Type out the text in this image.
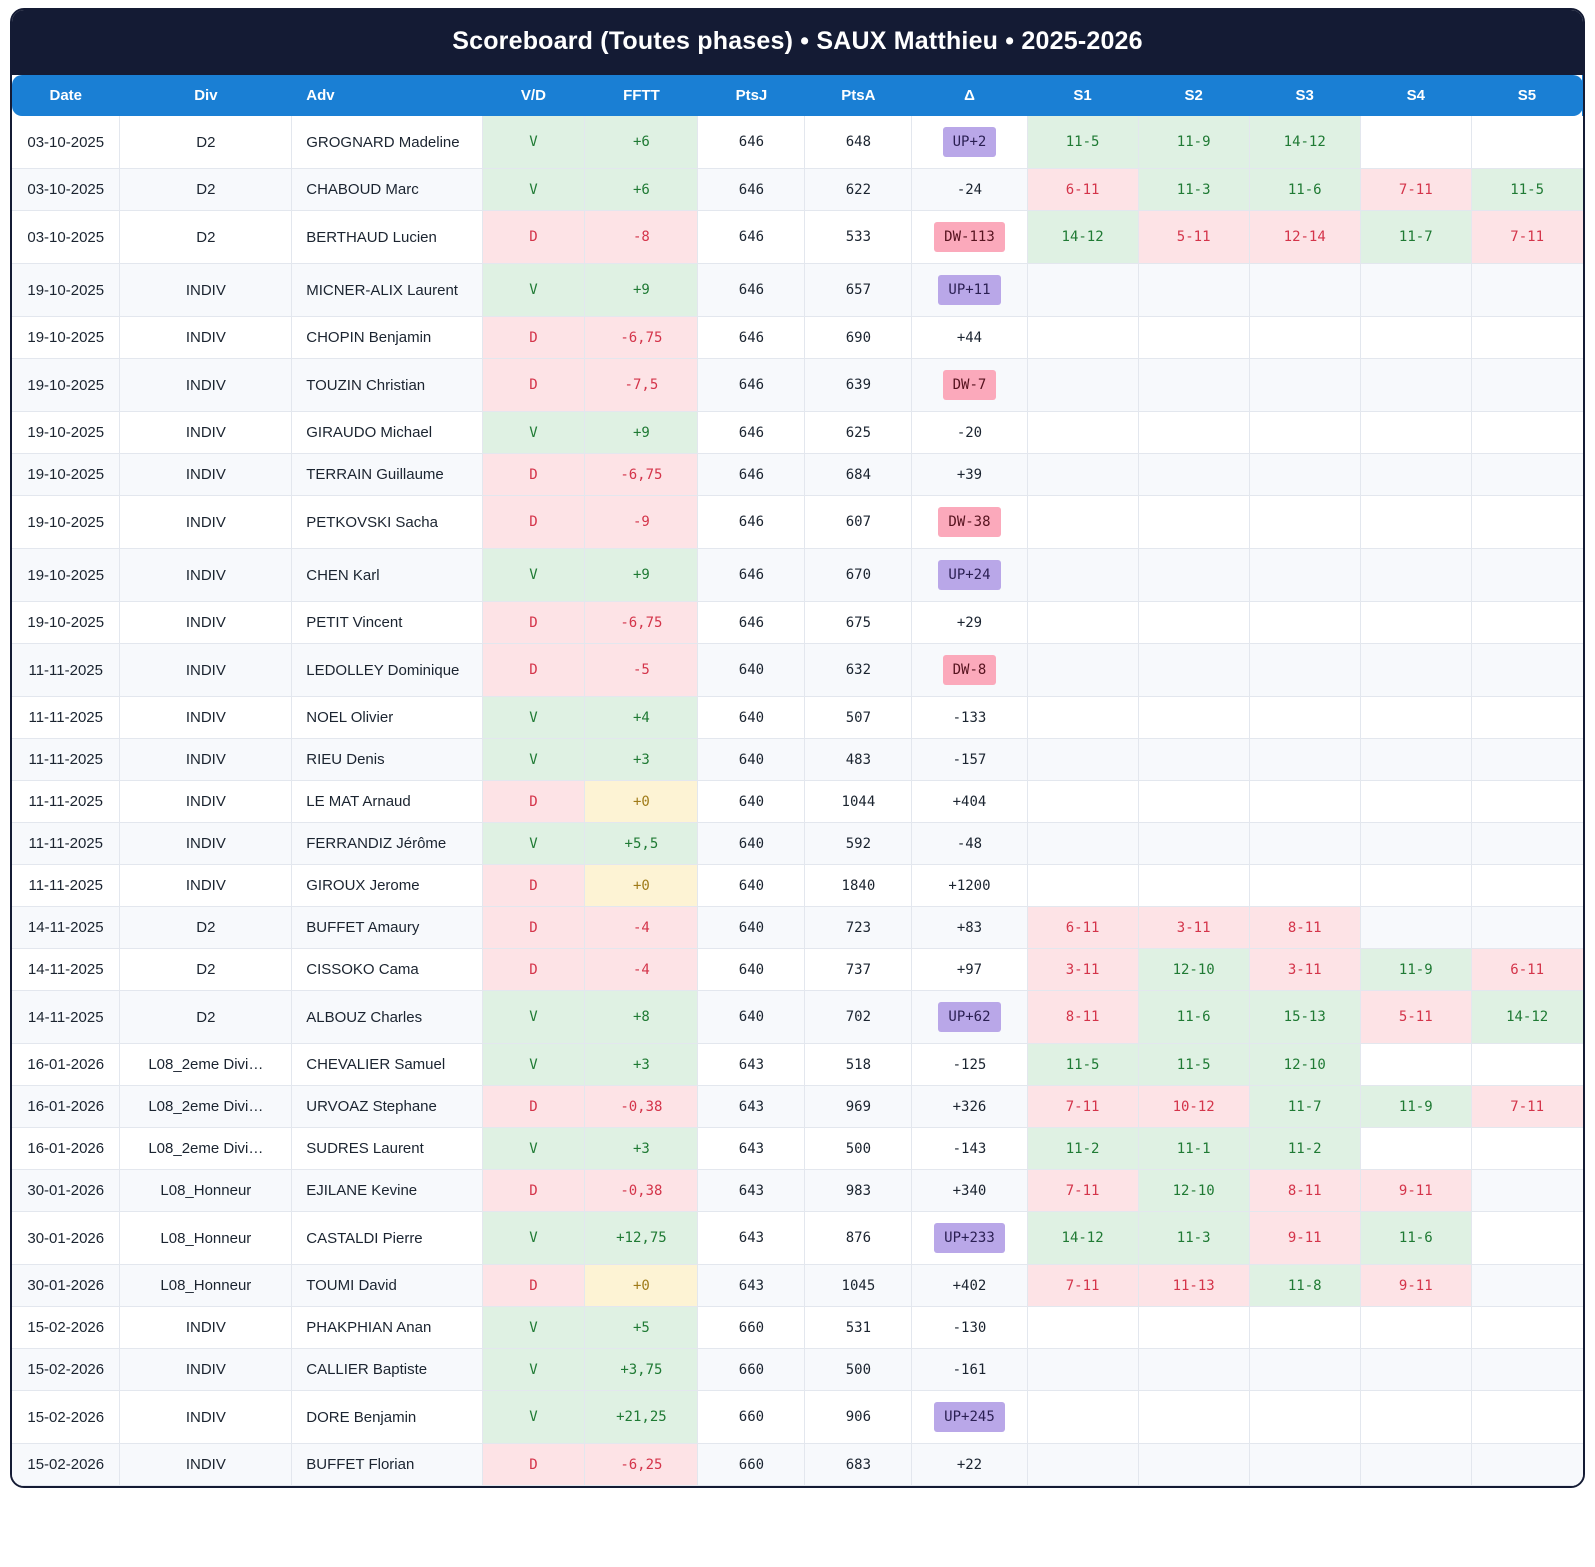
Scoreboard (Toutes phases) • SAUX Matthieu • 2025-2026
Date	Div	Adv	V/D	FFTT	PtsJ	PtsA	Δ	S1	S2	S3	S4	S5
03-10-2025	D2	GROGNARD Madeline	V	+6	646	648	UP+2	11-5	11-9	14-12		
03-10-2025	D2	CHABOUD Marc	V	+6	646	622	-24	6-11	11-3	11-6	7-11	11-5
03-10-2025	D2	BERTHAUD Lucien	D	-8	646	533	DW-113	14-12	5-11	12-14	11-7	7-11
19-10-2025	INDIV	MICNER-ALIX Laurent	V	+9	646	657	UP+11					
19-10-2025	INDIV	CHOPIN Benjamin	D	-6,75	646	690	+44					
19-10-2025	INDIV	TOUZIN Christian	D	-7,5	646	639	DW-7					
19-10-2025	INDIV	GIRAUDO Michael	V	+9	646	625	-20					
19-10-2025	INDIV	TERRAIN Guillaume	D	-6,75	646	684	+39					
19-10-2025	INDIV	PETKOVSKI Sacha	D	-9	646	607	DW-38					
19-10-2025	INDIV	CHEN Karl	V	+9	646	670	UP+24					
19-10-2025	INDIV	PETIT Vincent	D	-6,75	646	675	+29					
11-11-2025	INDIV	LEDOLLEY Dominique	D	-5	640	632	DW-8					
11-11-2025	INDIV	NOEL Olivier	V	+4	640	507	-133					
11-11-2025	INDIV	RIEU Denis	V	+3	640	483	-157					
11-11-2025	INDIV	LE MAT Arnaud	D	+0	640	1044	+404					
11-11-2025	INDIV	FERRANDIZ Jérôme	V	+5,5	640	592	-48					
11-11-2025	INDIV	GIROUX Jerome	D	+0	640	1840	+1200					
14-11-2025	D2	BUFFET Amaury	D	-4	640	723	+83	6-11	3-11	8-11		
14-11-2025	D2	CISSOKO Cama	D	-4	640	737	+97	3-11	12-10	3-11	11-9	6-11
14-11-2025	D2	ALBOUZ Charles	V	+8	640	702	UP+62	8-11	11-6	15-13	5-11	14-12
16-01-2026	L08_2eme Divi…	CHEVALIER Samuel	V	+3	643	518	-125	11-5	11-5	12-10		
16-01-2026	L08_2eme Divi…	URVOAZ Stephane	D	-0,38	643	969	+326	7-11	10-12	11-7	11-9	7-11
16-01-2026	L08_2eme Divi…	SUDRES Laurent	V	+3	643	500	-143	11-2	11-1	11-2		
30-01-2026	L08_Honneur	EJILANE Kevine	D	-0,38	643	983	+340	7-11	12-10	8-11	9-11	
30-01-2026	L08_Honneur	CASTALDI Pierre	V	+12,75	643	876	UP+233	14-12	11-3	9-11	11-6	
30-01-2026	L08_Honneur	TOUMI David	D	+0	643	1045	+402	7-11	11-13	11-8	9-11	
15-02-2026	INDIV	PHAKPHIAN Anan	V	+5	660	531	-130					
15-02-2026	INDIV	CALLIER Baptiste	V	+3,75	660	500	-161					
15-02-2026	INDIV	DORE Benjamin	V	+21,25	660	906	UP+245					
15-02-2026	INDIV	BUFFET Florian	D	-6,25	660	683	+22					
